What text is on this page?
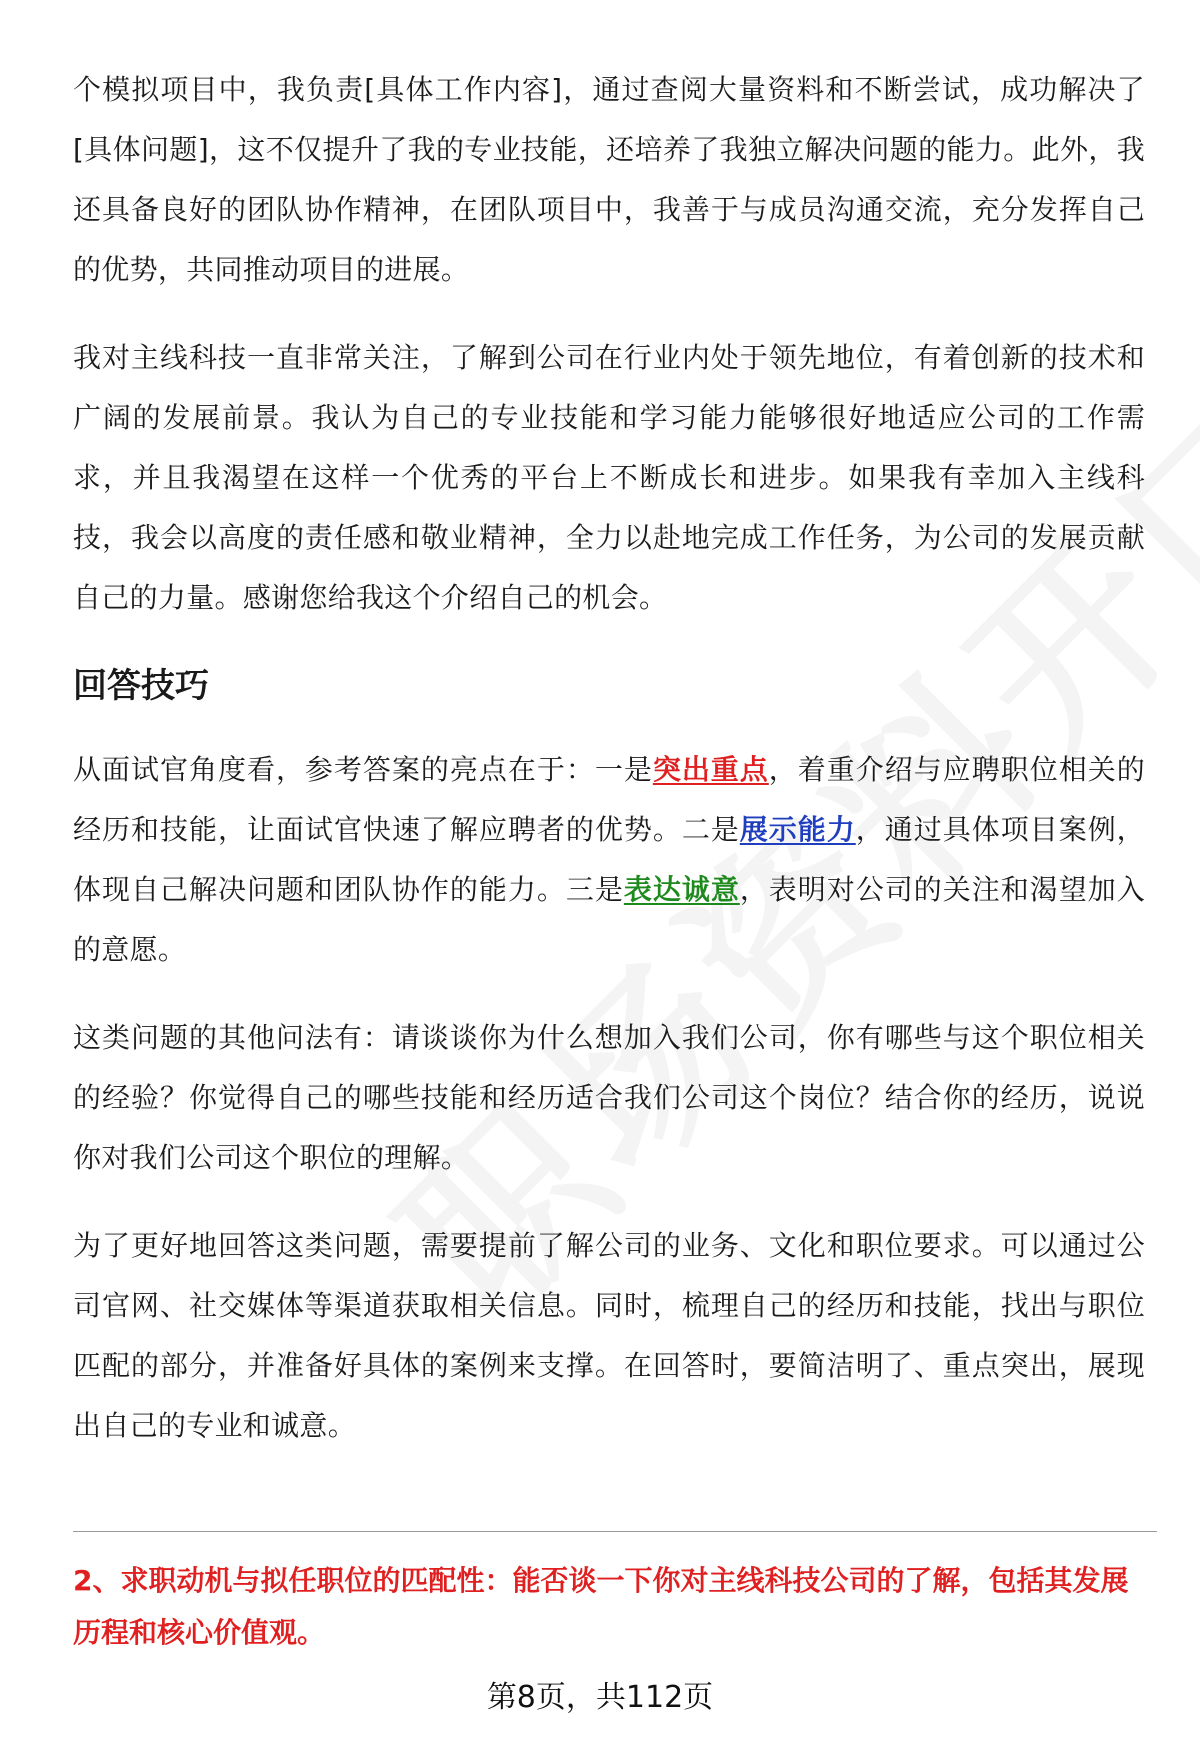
个模拟项目中，我负责[具体工作内容]，通过查阅大量资料和不断尝试，成功解决了[具体问题]，这不仅提升了我的专业技能，还培养了我独立解决问题的能力。此外，我还具备良好的团队协作精神，在团队项目中，我善于与成员沟通交流，充分发挥自己的优势，共同推动项目的进展。

我对主线科技一直非常关注，了解到公司在行业内处于领先地位，有着创新的技术和广阔的发展前景。我认为自己的专业技能和学习能力能够很好地适应公司的工作需求，并且我渴望在这样一个优秀的平台上不断成长和进步。如果我有幸加入主线科技，我会以高度的责任感和敬业精神，全力以赴地完成工作任务，为公司的发展贡献自己的力量。感谢您给我这个介绍自己的机会。

回答技巧

从面试官角度看，参考答案的亮点在于：一是突出重点，着重介绍与应聘职位相关的经历和技能，让面试官快速了解应聘者的优势。二是展示能力，通过具体项目案例，体现自己解决问题和团队协作的能力。三是表达诚意，表明对公司的关注和渴望加入的意愿。

这类问题的其他问法有：请谈谈你为什么想加入我们公司，你有哪些与这个职位相关的经验？你觉得自己的哪些技能和经历适合我们公司这个岗位？结合你的经历，说说你对我们公司这个职位的理解。

为了更好地回答这类问题，需要提前了解公司的业务、文化和职位要求。可以通过公司官网、社交媒体等渠道获取相关信息。同时，梳理自己的经历和技能，找出与职位匹配的部分，并准备好具体的案例来支撑。在回答时，要简洁明了、重点突出，展现出自己的专业和诚意。

2、求职动机与拟任职位的匹配性：能否谈一下你对主线科技公司的了解，包括其发展历程和核心价值观。

第8页，共112页
